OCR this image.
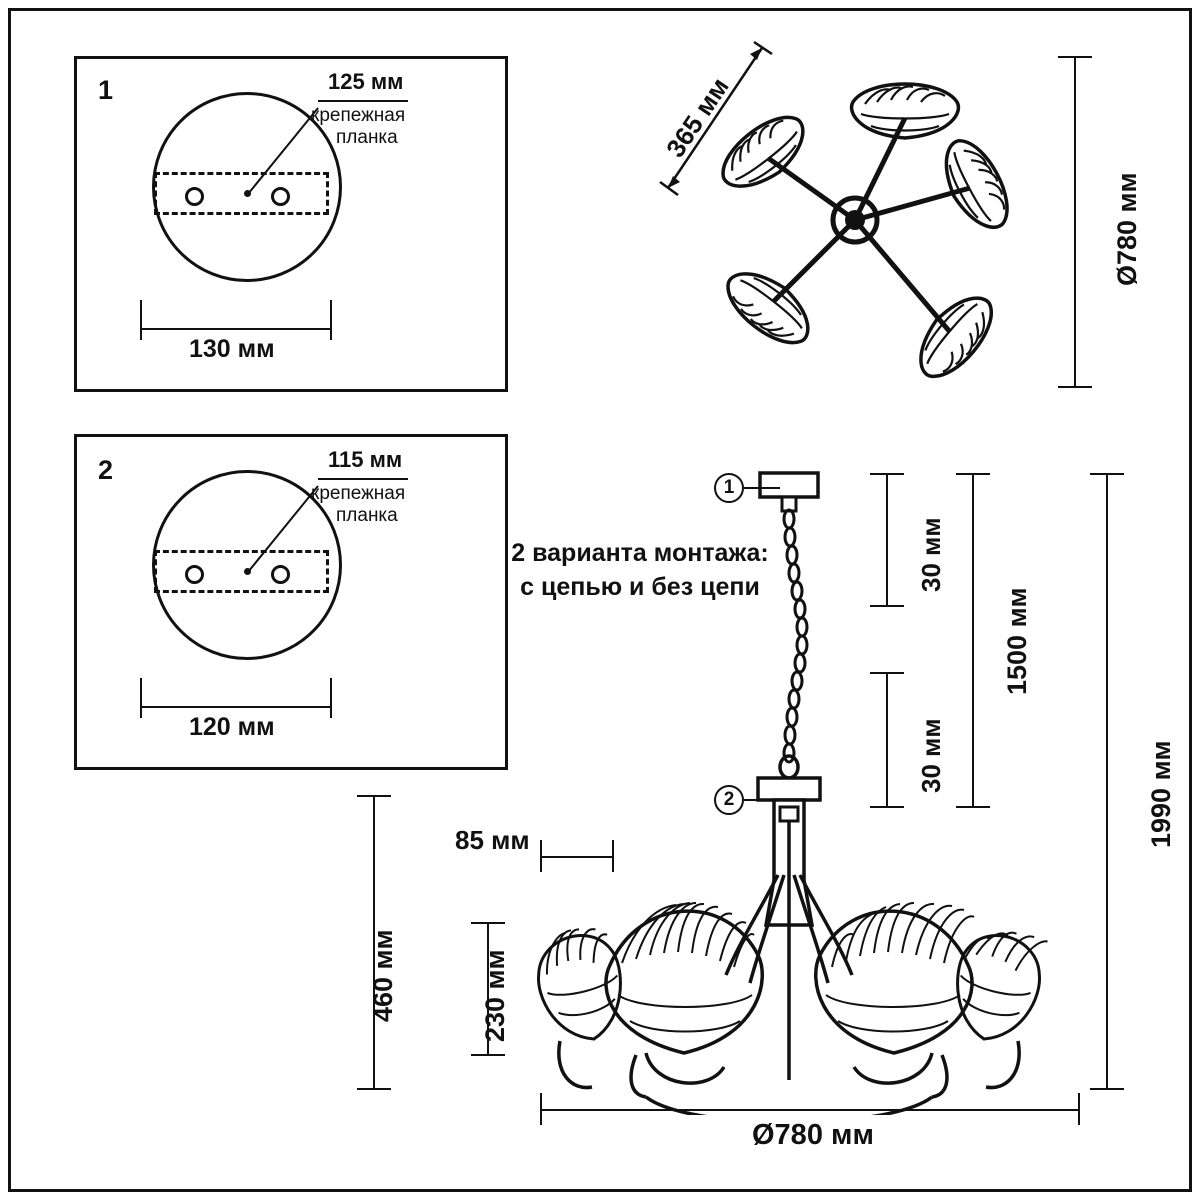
1	125 мм
крепежная
планка
130 мм
2	115 мм
крепежная
планка
120 мм
365 мм
Ø780 мм
1
2
2 варианта монтажа:
с цепью и без цепи	30 мм
30 мм
1500 мм
1990 мм
85 мм
230 мм
460 мм
Ø780 мм
